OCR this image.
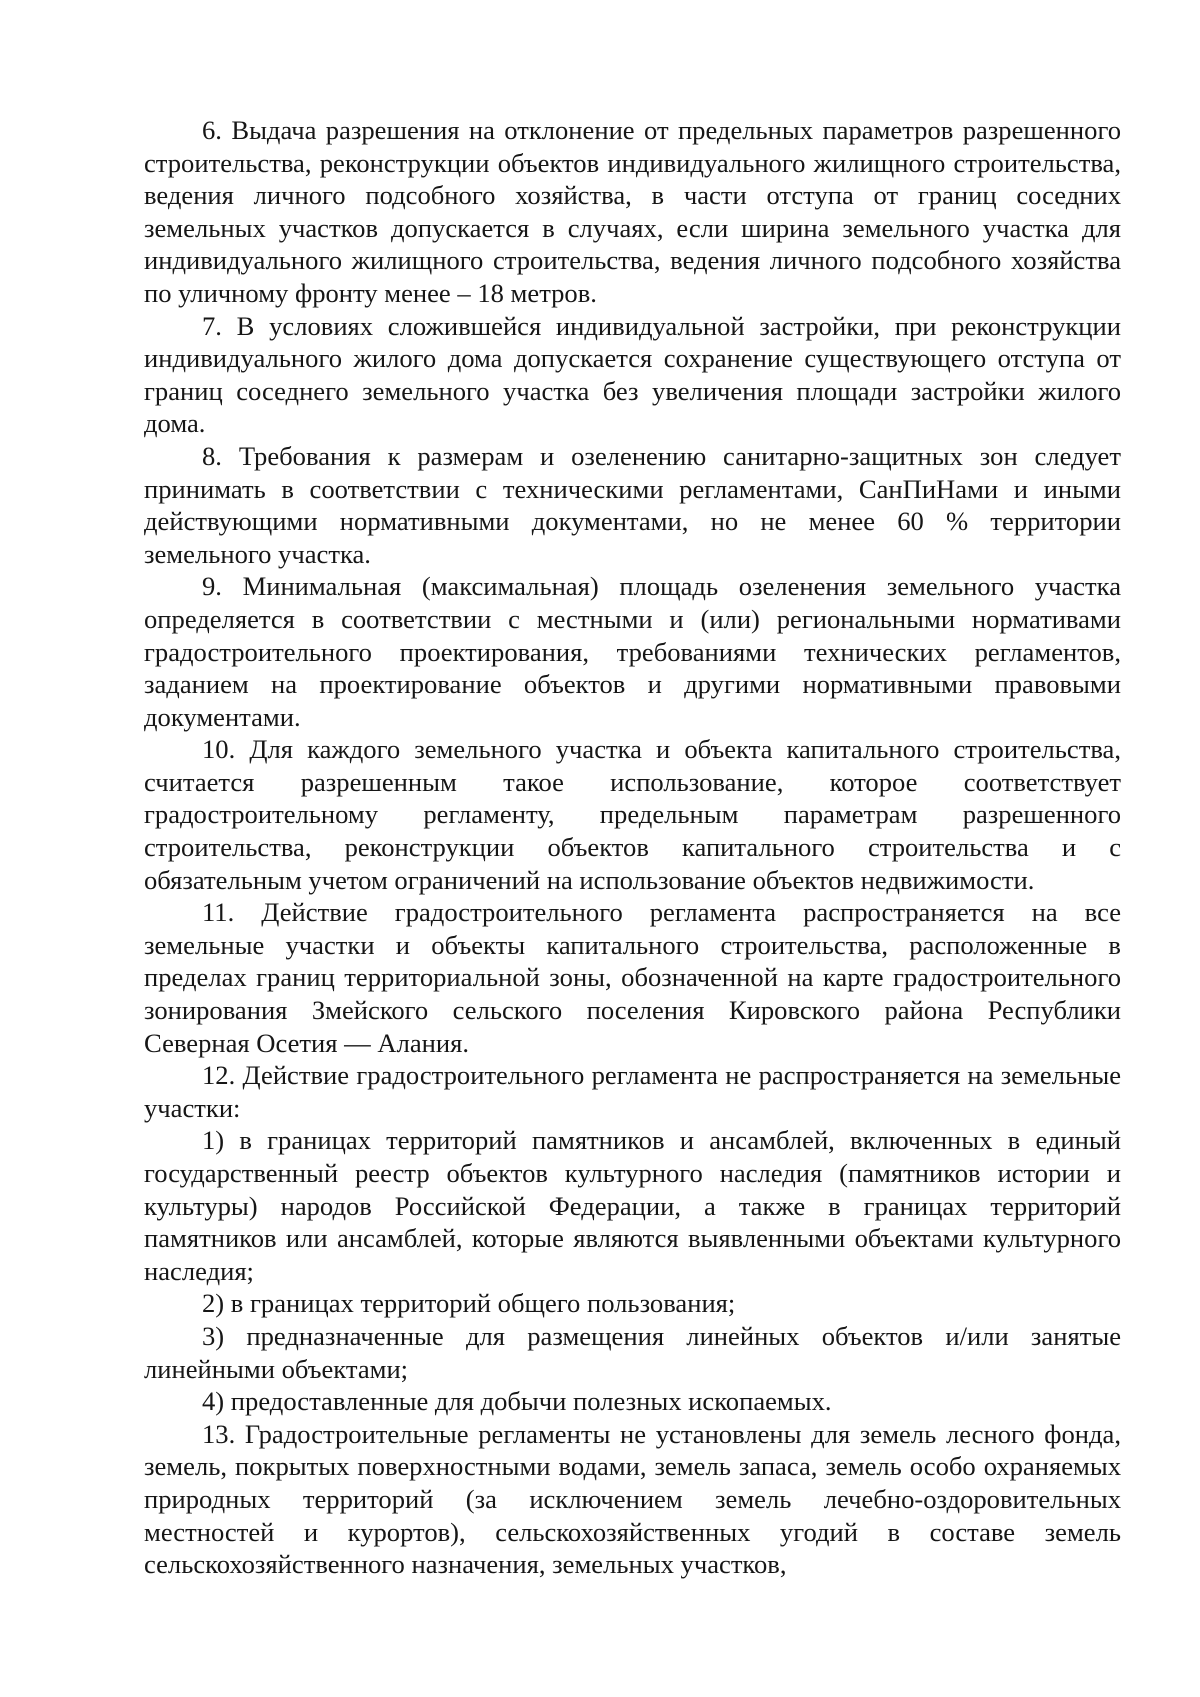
6. Выдача разрешения на отклонение от предельных параметров разрешенного строительства, реконструкции объектов индивидуального жилищного строительства, ведения личного подсобного хозяйства, в части отступа от границ соседних земельных участков допускается в случаях, если ширина земельного участка для индивидуального жилищного строительства, ведения личного подсобного хозяйства по уличному фронту менее – 18 метров.

7. В условиях сложившейся индивидуальной застройки, при реконструкции индивидуального жилого дома допускается сохранение существующего отступа от границ соседнего земельного участка без увеличения площади застройки жилого дома.

8. Требования к размерам и озеленению санитарно-защитных зон следует принимать в соответствии с техническими регламентами, СанПиНами и иными действующими нормативными документами, но не менее 60 % территории земельного участка.

9. Минимальная (максимальная) площадь озеленения земельного участка определяется в соответствии с местными и (или) региональными нормативами градостроительного проектирования, требованиями технических регламентов, заданием на проектирование объектов и другими нормативными правовыми документами.

10. Для каждого земельного участка и объекта капитального строительства, считается разрешенным такое использование, которое соответствует градостроительному регламенту, предельным параметрам разрешенного строительства, реконструкции объектов капитального строительства и с обязательным учетом ограничений на использование объектов недвижимости.

11. Действие градостроительного регламента распространяется на все земельные участки и объекты капитального строительства, расположенные в пределах границ территориальной зоны, обозначенной на карте градостроительного зонирования Змейского сельского поселения Кировского района Республики Северная Осетия — Алания.

12. Действие градостроительного регламента не распространяется на земельные участки:

1) в границах территорий памятников и ансамблей, включенных в единый государственный реестр объектов культурного наследия (памятников истории и культуры) народов Российской Федерации, а также в границах территорий памятников или ансамблей, которые являются выявленными объектами культурного наследия;

2) в границах территорий общего пользования;

3) предназначенные для размещения линейных объектов и/или занятые линейными объектами;

4) предоставленные для добычи полезных ископаемых.

13. Градостроительные регламенты не установлены для земель лесного фонда, земель, покрытых поверхностными водами, земель запаса, земель особо охраняемых природных территорий (за исключением земель лечебно-оздоровительных местностей и курортов), сельскохозяйственных угодий в составе земель сельскохозяйственного назначения, земельных участков,
